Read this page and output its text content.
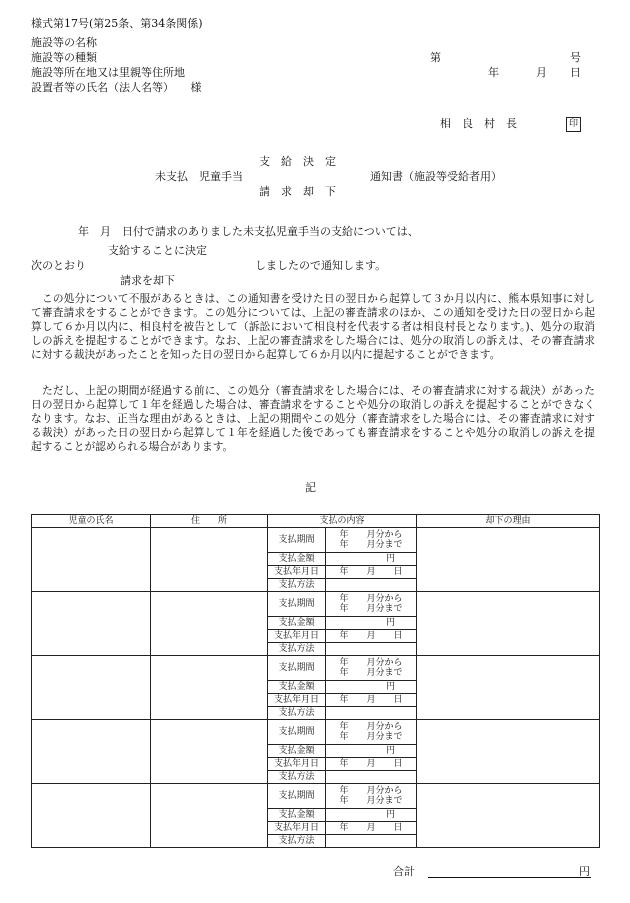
様式第17号(第25条、第34条関係)
施設等の名称
施設等の種類
施設等所在地又は里親等住所地
設置者等の氏名（法人名等）　　様
第	号
年	月 日
相　良　村　長	印
支　給　決　定
未支払　児童手当	通知書（施設等受給者用）
請　求　却　下
年　月　日付で請求のありました未支払児童手当の支給については、
支給することに決定
次のとおり	しましたので通知します。
請求を却下
この処分について不服があるときは、この通知書を受けた日の翌日から起算して３か月以内に、熊本県知事に対して審査請求をすることができます。この処分については、上記の審査請求のほか、この通知を受けた日の翌日から起算して６か月以内に、相良村を被告として（訴訟において相良村を代表する者は相良村長となります。)、処分の取消しの訴えを提起することができます。なお、上記の審査請求をした場合には、処分の取消しの訴えは、その審査請求に対する裁決があったことを知った日の翌日から起算して６か月以内に提起することができます。
ただし、上記の期間が経過する前に、この処分（審査請求をした場合には、その審査請求に対する裁決）があった日の翌日から起算して１年を経過した場合は、審査請求をすることや処分の取消しの訴えを提起することができなくなります。なお、正当な理由があるときは、上記の期間やこの処分（審査請求をした場合には、その審査請求に対する裁決）があった日の翌日から起算して１年を経過した後であっても審査請求をすることや処分の取消しの訴えを提起することが認められる場合があります。
記
児童の氏名	住　　所	支払の内容		却下の理由
		支払期間	年　　月分から
年　　月分まで	

		支払金額	円	
		支払年月日	年　　月　　日	
		支払方法		
		支払期間	年　　月分から
年　　月分まで	

		支払金額	円	
		支払年月日	年　　月　　日	
		支払方法		
		支払期間	年　　月分から
年　　月分まで	

		支払金額	円	
		支払年月日	年　　月　　日	
		支払方法		
		支払期間	年　　月分から
年　　月分まで	

		支払金額	円	
		支払年月日	年　　月　　日	
		支払方法		
		支払期間	年　　月分から
年　　月分まで	

		支払金額	円	
		支払年月日	年　　月　　日	
		支払方法		
合計	円
